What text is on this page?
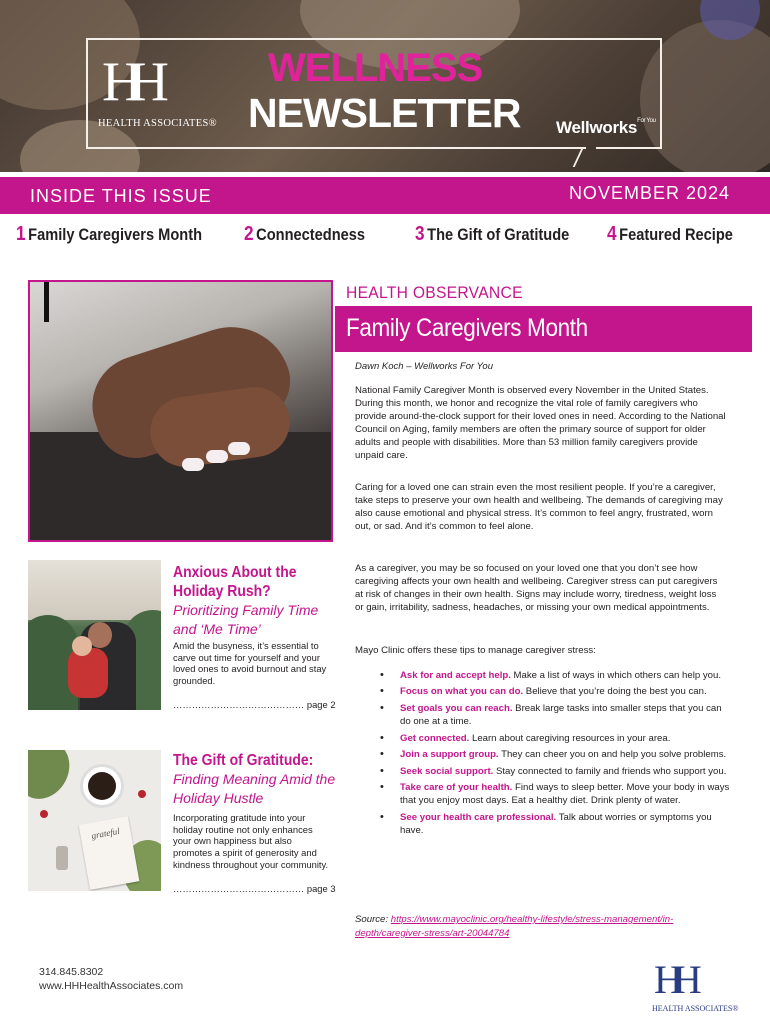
HH
HEALTH ASSOCIATES®
WELLNESS
NEWSLETTER Wellworks$^{For You}$
INSIDE THIS ISSUE	NOVEMBER 2024
1 Family Caregivers Month 2 Connectedness 3 The Gift of Gratitude 4 Featured Recipe
HEALTH OBSERVANCE
Family Caregivers Month
Dawn Koch – Wellworks For You

National Family Caregiver Month is observed every November in the United States. During this month, we honor and recognize the vital role of family caregivers who provide around-the-clock support for their loved ones in need. According to the National Council on Aging, family members are often the primary source of support for older adults and people with disabilities. More than 53 million family caregivers provide unpaid care.

Caring for a loved one can strain even the most resilient people. If you’re a caregiver, take steps to preserve your own health and wellbeing. The demands of caregiving may also cause emotional and physical stress. It’s common to feel angry, frustrated, worn out, or sad. And it’s common to feel alone.

As a caregiver, you may be so focused on your loved one that you don’t see how caregiving affects your own health and wellbeing. Caregiver stress can put caregivers at risk of changes in their own health. Signs may include worry, tiredness, weight loss or gain, irritability, sadness, headaches, or missing your own medical appointments.

Mayo Clinic offers these tips to manage caregiver stress:

• Ask for and accept help. Make a list of ways in which others can help you.
• Focus on what you can do. Believe that you’re doing the best you can.
• Set goals you can reach. Break large tasks into smaller steps that you can do one at a time.
• Get connected. Learn about caregiving resources in your area.
• Join a support group. They can cheer you on and help you solve problems.
• Seek social support. Stay connected to family and friends who support you.
• Take care of your health. Find ways to sleep better. Move your body in ways that you enjoy most days. Eat a healthy diet. Drink plenty of water.
• See your health care professional. Talk about worries or symptoms you have.
Source: https://www.mayoclinic.org/healthy-lifestyle/stress-management/in-depth/caregiver-stress/art-20044784
Anxious About the Holiday Rush?
Prioritizing Family Time and ‘Me Time’
Amid the busyness, it’s essential to carve out time for yourself and your loved ones to avoid burnout and stay grounded.
…………………………………… page 2
grateful
The Gift of Gratitude:
Finding Meaning Amid the Holiday Hustle
Incorporating gratitude into your holiday routine not only enhances your own happiness but also promotes a spirit of generosity and kindness throughout your community.
…………………………………… page 3
314.845.8302
www.HHHealthAssociates.com	HH
HEALTH ASSOCIATES®
